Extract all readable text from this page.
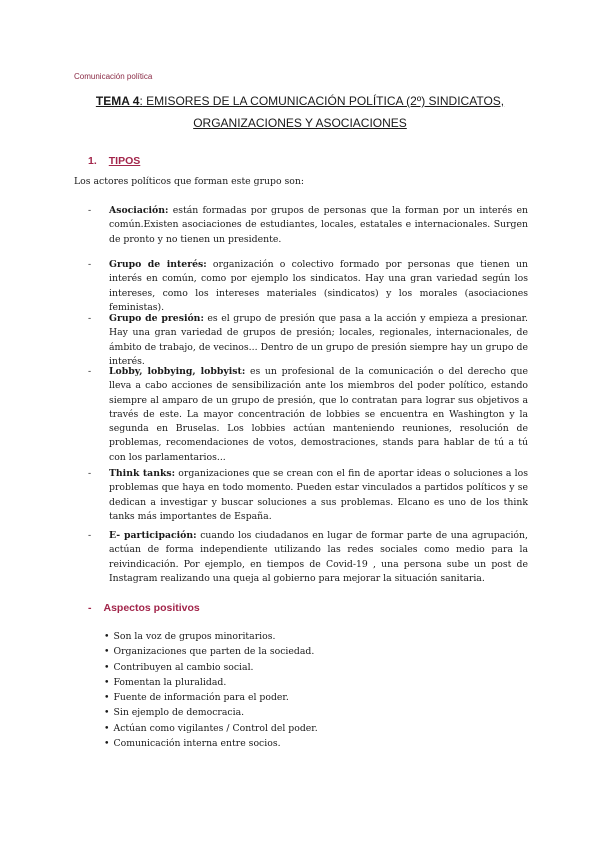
Comunicación política
TEMA 4: EMISORES DE LA COMUNICACIÓN POLÍTICA (2º) SINDICATOS,
ORGANIZACIONES Y ASOCIACIONES
1. TIPOS
Los actores políticos que forman este grupo son:
- Asociación: están formadas por grupos de personas que la forman por un interés en común.Existen asociaciones de estudiantes, locales, estatales e internacionales. Surgen de pronto y no tienen un presidente.
- Grupo de interés: organización o colectivo formado por personas que tienen un interés en común, como por ejemplo los sindicatos. Hay una gran variedad según los intereses, como los intereses materiales (sindicatos) y los morales (asociaciones feministas).
- Grupo de presión: es el grupo de presión que pasa a la acción y empieza a presionar. Hay una gran variedad de grupos de presión; locales, regionales, internacionales, de ámbito de trabajo, de vecinos... Dentro de un grupo de presión siempre hay un grupo de interés.
- Lobby, lobbying, lobbyist: es un profesional de la comunicación o del derecho que lleva a cabo acciones de sensibilización ante los miembros del poder político, estando siempre al amparo de un grupo de presión, que lo contratan para lograr sus objetivos a través de este. La mayor concentración de lobbies se encuentra en Washington y la segunda en Bruselas. Los lobbies actúan manteniendo reuniones, resolución de problemas, recomendaciones de votos, demostraciones, stands para hablar de tú a tú con los parlamentarios...
- Think tanks: organizaciones que se crean con el fin de aportar ideas o soluciones a los problemas que haya en todo momento. Pueden estar vinculados a partidos políticos y se dedican a investigar y buscar soluciones a sus problemas. Elcano es uno de los think tanks más importantes de España.
- E- participación: cuando los ciudadanos en lugar de formar parte de una agrupación, actúan de forma independiente utilizando las redes sociales como medio para la reivindicación. Por ejemplo, en tiempos de Covid-19 , una persona sube un post de Instagram realizando una queja al gobierno para mejorar la situación sanitaria.
- Aspectos positivos
• Son la voz de grupos minoritarios.
• Organizaciones que parten de la sociedad.
• Contribuyen al cambio social.
• Fomentan la pluralidad.
• Fuente de información para el poder.
• Sin ejemplo de democracia.
• Actúan como vigilantes / Control del poder.
• Comunicación interna entre socios.
